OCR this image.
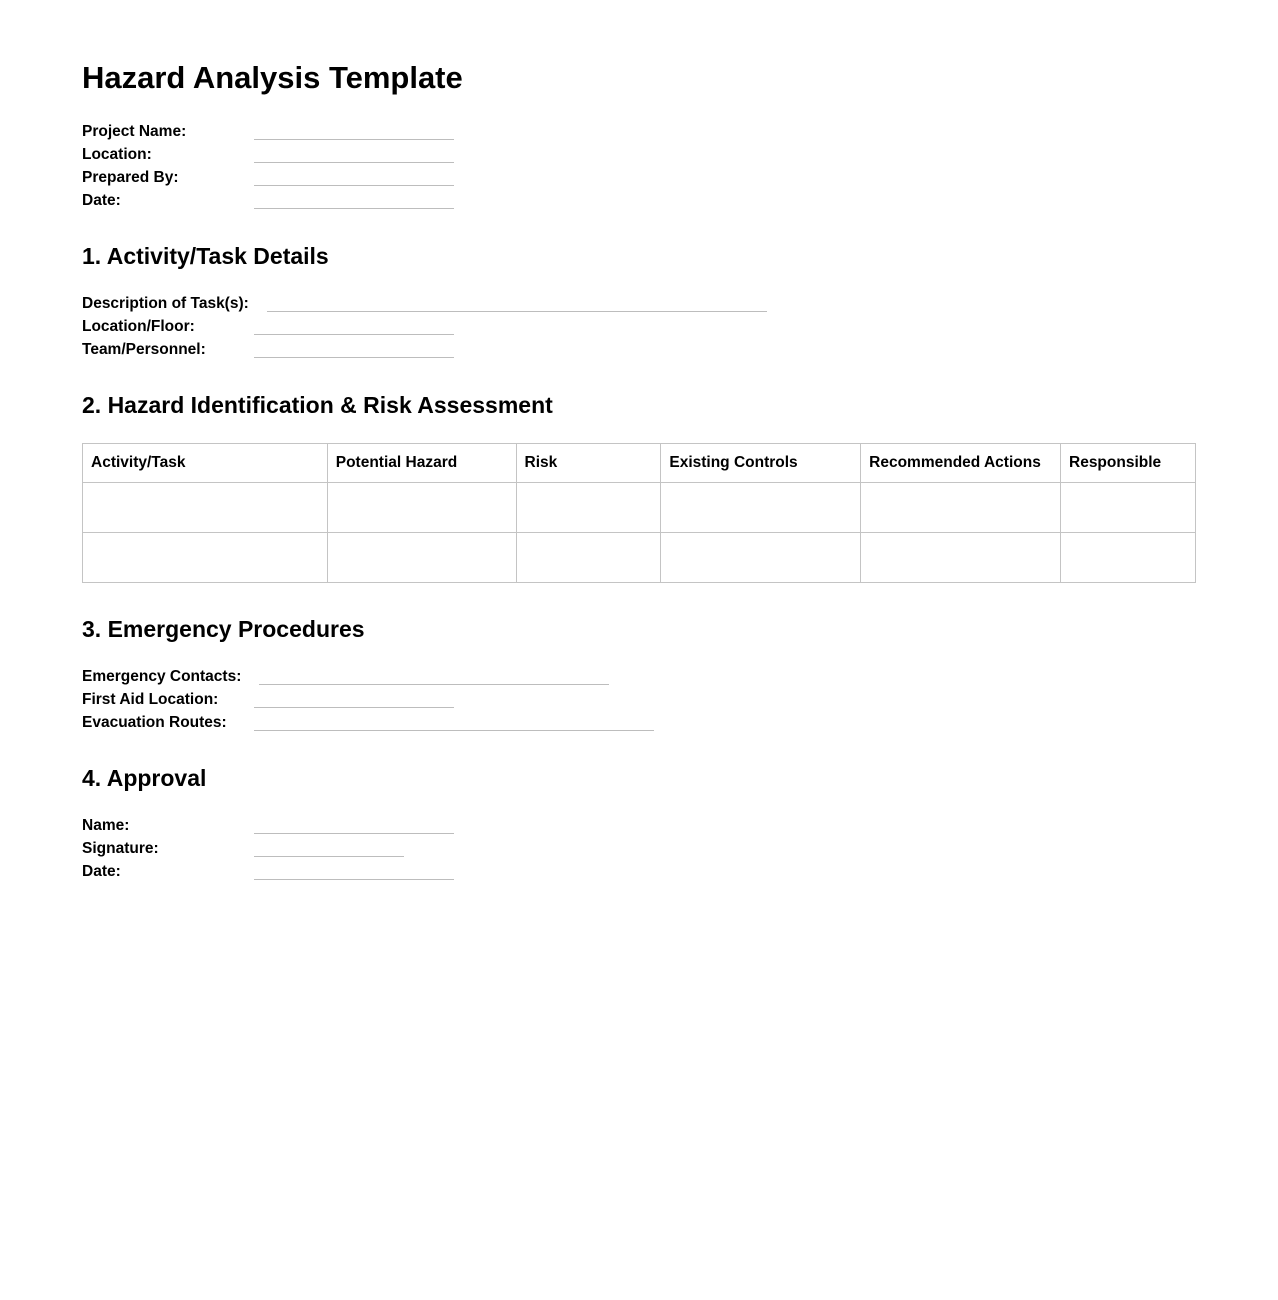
Hazard Analysis Template
Project Name:
Location:
Prepared By:
Date:
1. Activity/Task Details
Description of Task(s):
Location/Floor:
Team/Personnel:
2. Hazard Identification & Risk Assessment
Activity/Task	Potential Hazard	Risk	Existing Controls	Recommended Actions	Responsible

3. Emergency Procedures
Emergency Contacts:
First Aid Location:
Evacuation Routes:
4. Approval
Name:
Signature:
Date:
